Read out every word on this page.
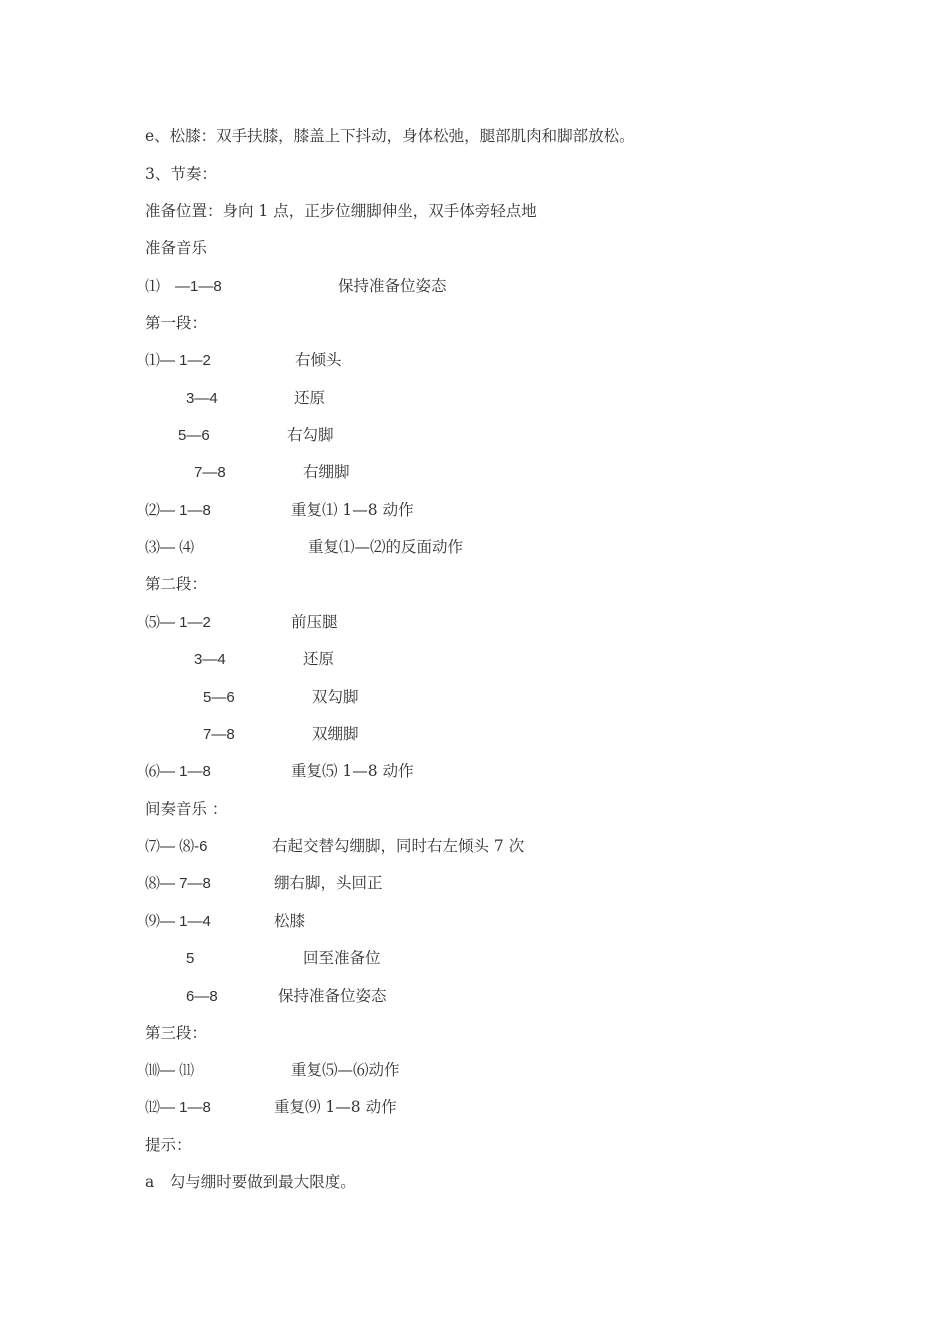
e、松膝：双手扶膝，膝盖上下抖动，身体松弛，腿部肌肉和脚部放松。
3、节奏：
准备位置：身向 1 点，正步位绷脚伸坐，双手体旁轻点地
准备音乐
⑴　—1—8	保持准备位姿态
第一段：
⑴— 1—2	右倾头
3—4	还原
5—6	右勾脚
7—8	右绷脚
⑵— 1—8	重复⑴ 1—8 动作
⑶— ⑷	重复⑴—⑵的反面动作
第二段：
⑸— 1—2	前压腿
3—4	还原
5—6	双勾脚
7—8	双绷脚
⑹— 1—8	重复⑸ 1—8 动作
间奏音乐 ：
⑺— ⑻-6	右起交替勾绷脚，同时右左倾头 7 次
⑻— 7—8	绷右脚，头回正
⑼— 1—4	松膝
5	回至准备位
6—8	保持准备位姿态
第三段：
⑽— ⑾	重复⑸—⑹动作
⑿— 1—8	重复⑼ 1—8 动作
提示：
a　勾与绷时要做到最大限度。
